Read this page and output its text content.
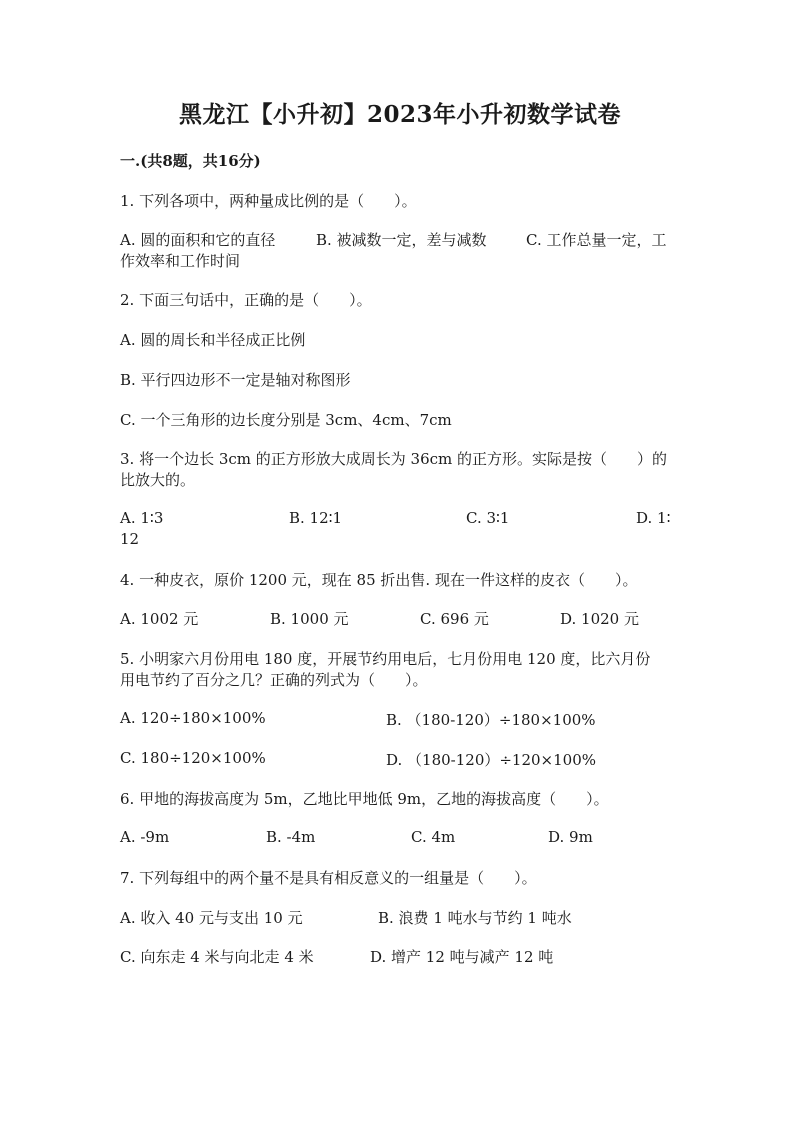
黑龙江【小升初】2023年小升初数学试卷
一.(共8题，共16分)
1. 下列各项中，两种量成比例的是（　　）。
A. 圆的面积和它的直径	B. 被减数一定，差与减数	C. 工作总量一定，工
作效率和工作时间
2. 下面三句话中，正确的是（　　）。
A. 圆的周长和半径成正比例
B. 平行四边形不一定是轴对称图形
C. 一个三角形的边长度分别是 3cm、4cm、7cm
3. 将一个边长 3cm 的正方形放大成周长为 36cm 的正方形。实际是按（　　）的
比放大的。
A. 1∶3	B. 12∶1	C. 3∶1	D. 1∶
12
4. 一种皮衣，原价 1200 元，现在 85 折出售. 现在一件这样的皮衣（　　）。
A. 1002 元	B. 1000 元	C. 696 元	D. 1020 元
5. 小明家六月份用电 180 度，开展节约用电后，七月份用电 120 度，比六月份
用电节约了百分之几？正确的列式为（　　）。
A. 120÷180×100%	B. （180-120）÷180×100%
C. 180÷120×100%	D. （180-120）÷120×100%
6. 甲地的海拔高度为 5m，乙地比甲地低 9m，乙地的海拔高度（　　）。
A. -9m	B. -4m	C. 4m	D. 9m
7. 下列每组中的两个量不是具有相反意义的一组量是（　　）。
A. 收入 40 元与支出 10 元	B. 浪费 1 吨水与节约 1 吨水
C. 向东走 4 米与向北走 4 米	D. 增产 12 吨与减产 12 吨
